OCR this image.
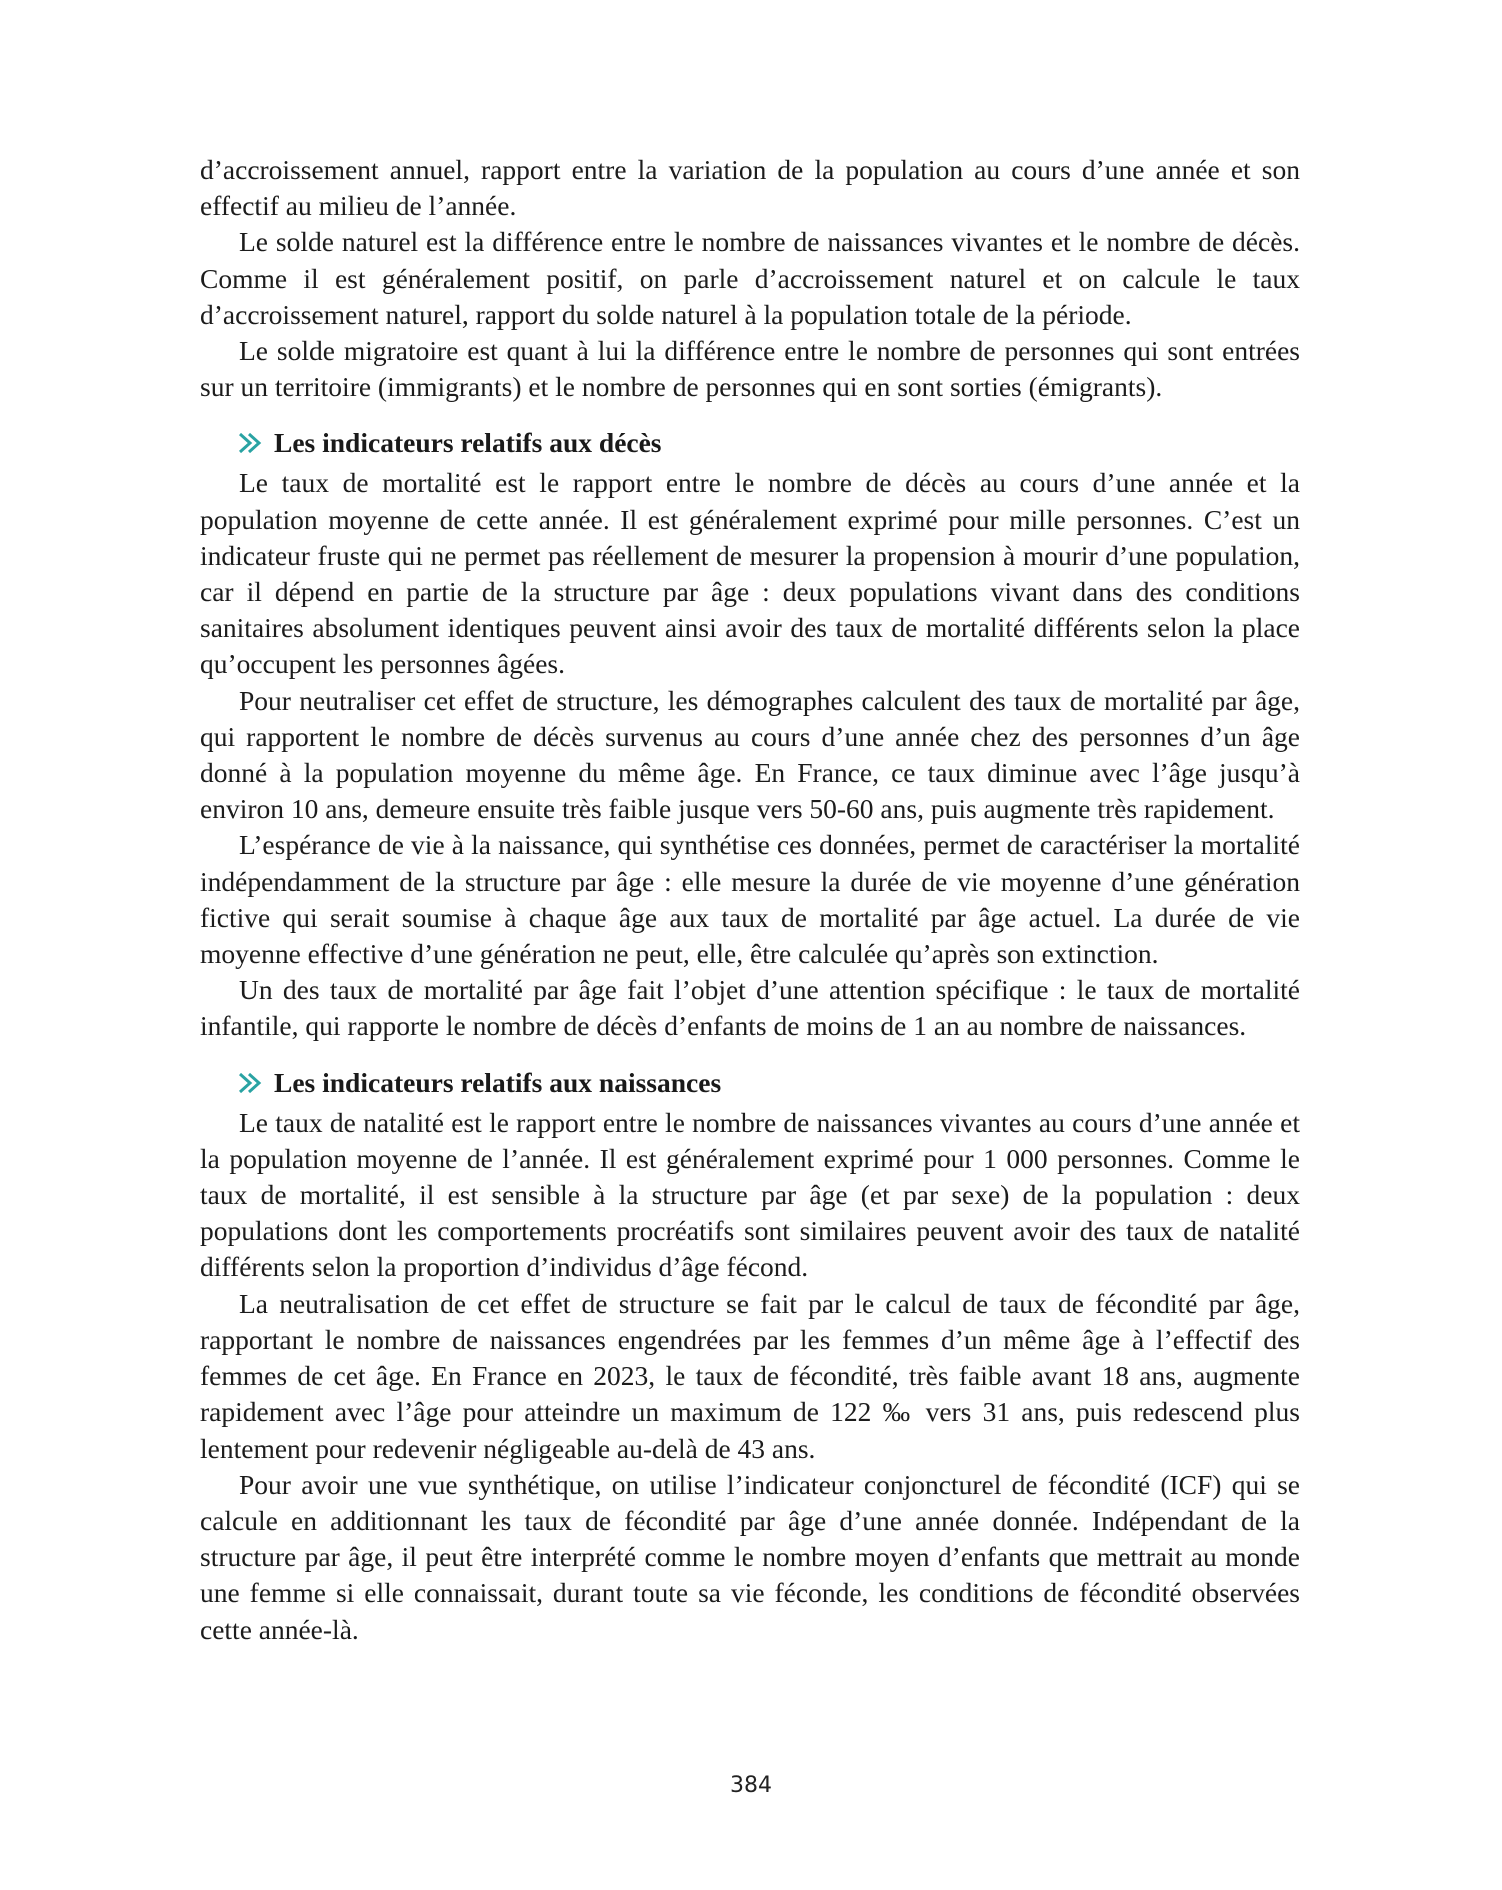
d’accroissement annuel, rapport entre la variation de la population au cours d’une année et son effectif au milieu de l’année.

Le solde naturel est la différence entre le nombre de naissances vivantes et le nombre de décès. Comme il est généralement positif, on parle d’accroissement naturel et on calcule le taux d’accroissement naturel, rapport du solde naturel à la population totale de la période.

Le solde migratoire est quant à lui la différence entre le nombre de personnes qui sont entrées sur un territoire (immigrants) et le nombre de personnes qui en sont sorties (émigrants).

Les indicateurs relatifs aux décès

Le taux de mortalité est le rapport entre le nombre de décès au cours d’une année et la population moyenne de cette année. Il est généralement exprimé pour mille personnes. C’est un indicateur fruste qui ne permet pas réellement de mesurer la propension à mourir d’une population, car il dépend en partie de la structure par âge : deux populations vivant dans des conditions sanitaires absolument identiques peuvent ainsi avoir des taux de mortalité différents selon la place qu’occupent les personnes âgées.

Pour neutraliser cet effet de structure, les démographes calculent des taux de mortalité par âge, qui rapportent le nombre de décès survenus au cours d’une année chez des personnes d’un âge donné à la population moyenne du même âge. En France, ce taux diminue avec l’âge jusqu’à environ 10 ans, demeure ensuite très faible jusque vers 50-60 ans, puis augmente très rapidement.

L’espérance de vie à la naissance, qui synthétise ces données, permet de caractériser la mortalité indépendamment de la structure par âge : elle mesure la durée de vie moyenne d’une génération fictive qui serait soumise à chaque âge aux taux de mortalité par âge actuel. La durée de vie moyenne effective d’une génération ne peut, elle, être calculée qu’après son extinction.

Un des taux de mortalité par âge fait l’objet d’une attention spécifique : le taux de mortalité infantile, qui rapporte le nombre de décès d’enfants de moins de 1 an au nombre de naissances.

Les indicateurs relatifs aux naissances

Le taux de natalité est le rapport entre le nombre de naissances vivantes au cours d’une année et la population moyenne de l’année. Il est généralement exprimé pour 1 000 personnes. Comme le taux de mortalité, il est sensible à la structure par âge (et par sexe) de la population : deux populations dont les comportements procréatifs sont similaires peuvent avoir des taux de natalité différents selon la proportion d’individus d’âge fécond.

La neutralisation de cet effet de structure se fait par le calcul de taux de fécondité par âge, rapportant le nombre de naissances engendrées par les femmes d’un même âge à l’effectif des femmes de cet âge. En France en 2023, le taux de fécondité, très faible avant 18 ans, augmente rapidement avec l’âge pour atteindre un maximum de 122 ‰ vers 31 ans, puis redescend plus lentement pour redevenir négligeable au-delà de 43 ans.

Pour avoir une vue synthétique, on utilise l’indicateur conjoncturel de fécondité (ICF) qui se calcule en additionnant les taux de fécondité par âge d’une année donnée. Indépendant de la structure par âge, il peut être interprété comme le nombre moyen d’enfants que mettrait au monde une femme si elle connaissait, durant toute sa vie féconde, les conditions de fécondité observées cette année-là.

384
